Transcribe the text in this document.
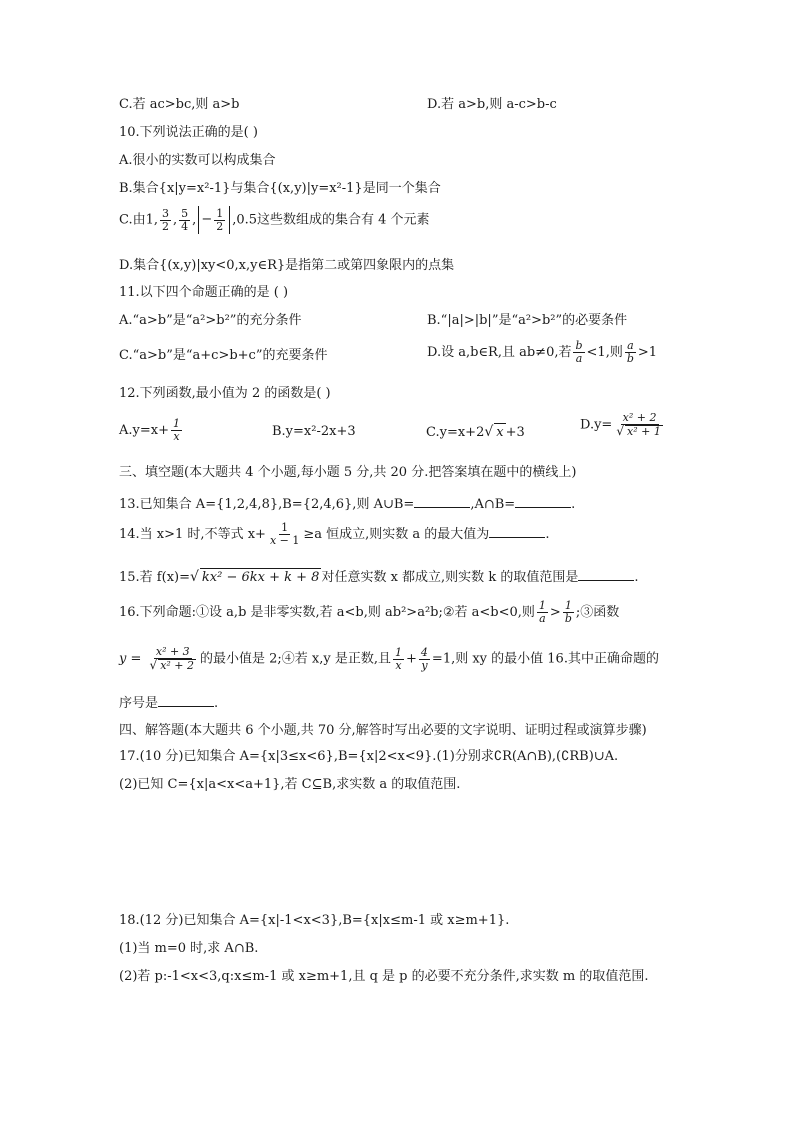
C.若 ac>bc,则 a>b	D.若 a>b,则 a-c>b-c
10.下列说法正确的是( )
A.很小的实数可以构成集合
B.集合{x|y=x²-1}与集合{(x,y)|y=x²-1}是同一个集合
C.由1, $\frac{3}{2}$ , $\frac{5}{4}$ , − $\frac{1}{2} ,0.5$这些数组成的集合有 4 个元素
D.集合{(x,y)|xy<0,x,y∈R}是指第二或第四象限内的点集
11.以下四个命题正确的是 ( )
A.“a>b”是“a²>b²”的充分条件	B.“|a|>|b|”是“a²>b²”的必要条件
C.“a>b”是“a+c>b+c”的充要条件	D.设 a,b∈R,且 ab≠0,若 $\frac{b}{a} <1$,则 $\frac{a}{b} >1$
12.下列函数,最小值为 2 的函数是( )
$A.y=x+ \frac{1}{x}$	B.y=x²-2x+3	C.y=x+2√ x +3	$D.y= \frac{\text{x² + 2}}{\text{√ x² + 1}}$
三、填空题(本大题共 4 个小题,每小题 5 分,共 20 分.把答案填在题中的横线上)
13.已知集合 A={1,2,4,8},B={2,4,6},则 A∪B=	,A∩B=	.
14.当 x>1 时,不等式 $x+ \frac{1}{x - 1} \ge a$ 恒成立,则实数 a 的最大值为	.
15.若 f(x)=√ kx² − 6kx + k + 8 对任意实数 x 都成立,则实数 k 的取值范围是	.
16.下列命题:①设 a,b 是非零实数,若 a<b,则 ab²>a²b;②若 a<b<0,则 $\frac{1}{a} > \frac{1}{b}$ ;③函数
$y = \frac{\text{x² + 3}}{\text{√ x² + 2}}$ 的最小值是 2;④若 x,y 是正数,且 $\frac{1}{x} + \frac{4}{y} =1$,则 xy 的最小值 16.其中正确命题的
序号是	.
四、解答题(本大题共 6 个小题,共 70 分,解答时写出必要的文字说明、证明过程或演算步骤)
17.(10 分)已知集合 A={x|3≤x<6},B={x|2<x<9}.(1)分别求∁R(A∩B),(∁RB)∪A.
(2)已知 C={x|a<x<a+1},若 C⊆B,求实数 a 的取值范围.
18.(12 分)已知集合 A={x|-1<x<3},B={x|x≤m-1 或 x≥m+1}.
(1)当 m=0 时,求 A∩B.
(2)若 p:-1<x<3,q:x≤m-1 或 x≥m+1,且 q 是 p 的必要不充分条件,求实数 m 的取值范围.
